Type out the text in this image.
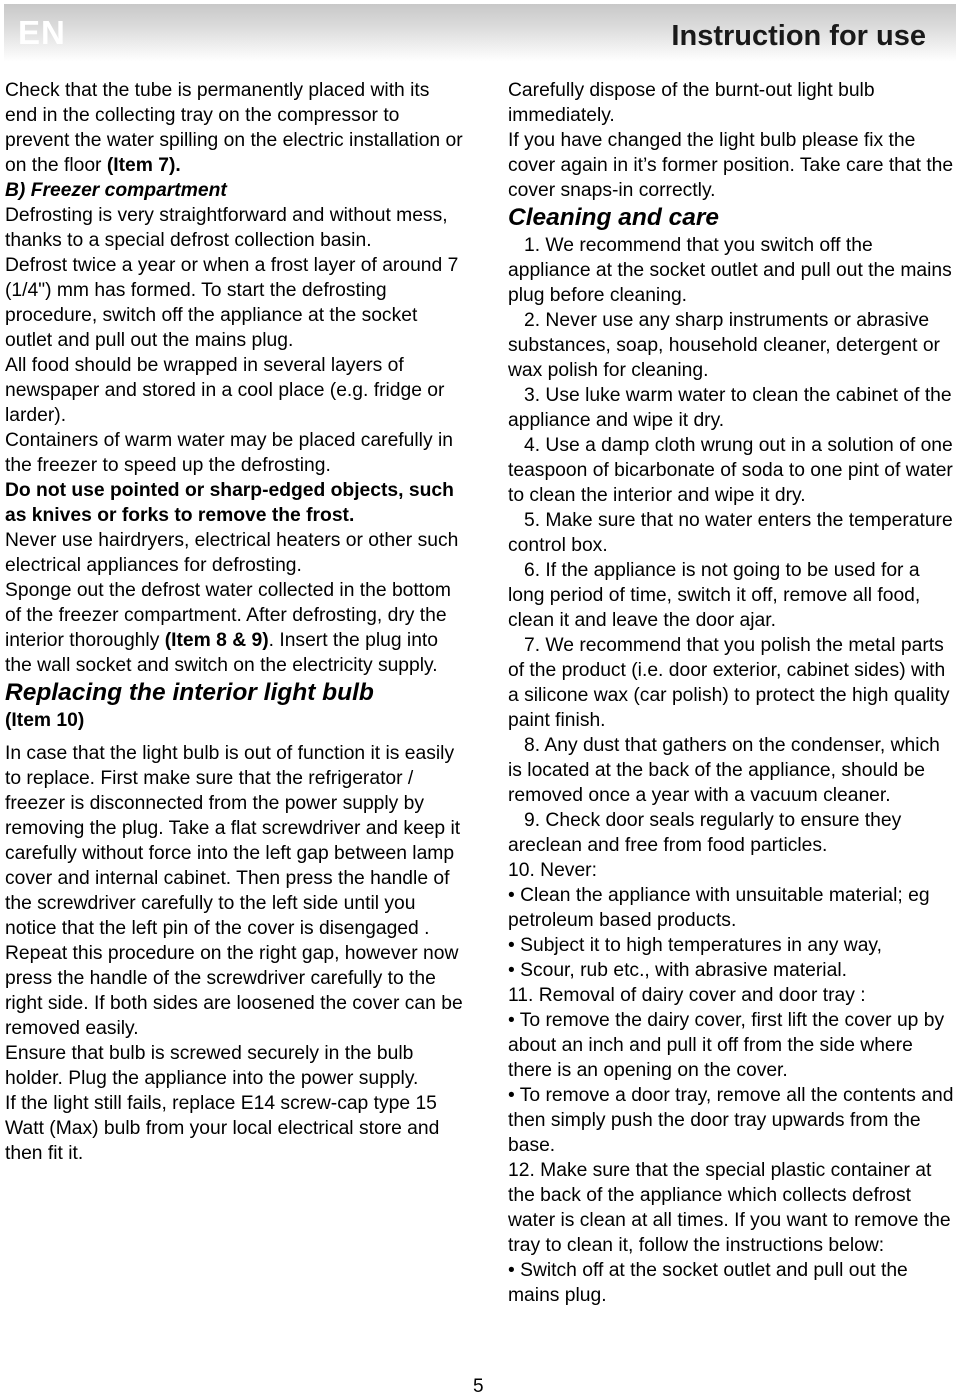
EN	Instruction for use

Check that the tube is permanently placed with its end in the collecting tray on the compressor to prevent the water spilling on the electric installation or on the floor (Item 7).

B) Freezer compartment

Defrosting is very straightforward and without mess, thanks to a special defrost collection basin.

Defrost twice a year or when a frost layer of around 7 (1/4") mm has formed. To start the defrosting procedure, switch off the appliance at the socket outlet and pull out the mains plug.

All food should be wrapped in several layers of newspaper and stored in a cool place (e.g. fridge or larder).

Containers of warm water may be placed carefully in the freezer to speed up the defrosting.

Do not use pointed or sharp-edged objects, such as knives or forks to remove the frost.

Never use hairdryers, electrical heaters or other such electrical appliances for defrosting.

Sponge out the defrost water collected in the bottom of the freezer compartment. After defrosting, dry the interior thoroughly (Item 8 & 9). Insert the plug into the wall socket and switch on the electricity supply.

Replacing the interior light bulb

(Item 10)

In case that the light bulb is out of function it is easily to replace. First make sure that the refrigerator / freezer is disconnected from the power supply by removing the plug. Take a flat screwdriver and keep it carefully without force into the left gap between lamp cover and internal cabinet. Then press the handle of the screwdriver carefully to the left side until you notice that the left pin of the cover is disengaged . Repeat this procedure on the right gap, however now press the handle of the screwdriver carefully to the right side. If both sides are loosened the cover can be removed easily.

Ensure that bulb is screwed securely in the bulb holder. Plug the appliance into the power supply.

If the light still fails, replace E14 screw-cap type 15 Watt (Max) bulb from your local electrical store and then fit it.

Carefully dispose of the burnt-out light bulb immediately.

If you have changed the light bulb please fix the cover again in it’s former position. Take care that the cover snaps-in correctly.

Cleaning and care

1. We recommend that you switch off the appliance at the socket outlet and pull out the mains plug before cleaning.

2. Never use any sharp instruments or abrasive substances, soap, household cleaner, detergent or wax polish for cleaning.

3. Use luke warm water to clean the cabinet of the appliance and wipe it dry.

4. Use a damp cloth wrung out in a solution of one teaspoon of bicarbonate of soda to one pint of water to clean the interior and wipe it dry.

5. Make sure that no water enters the temperature control box.

6. If the appliance is not going to be used for a long period of time, switch it off, remove all food, clean it and leave the door ajar.

7. We recommend that you polish the metal parts of the product (i.e. door exterior, cabinet sides) with a silicone wax (car polish) to protect the high quality paint finish.

8. Any dust that gathers on the condenser, which is located at the back of the appliance, should be removed once a year with a vacuum cleaner.

9. Check door seals regularly to ensure they areclean and free from food particles.

10. Never:

• Clean the appliance with unsuitable material; eg petroleum based products.

• Subject it to high temperatures in any way,

• Scour, rub etc., with abrasive material.

11. Removal of dairy cover and door tray :

• To remove the dairy cover, first lift the cover up by about an inch and pull it off from the side where there is an opening on the cover.

• To remove a door tray, remove all the contents and then simply push the door tray upwards from the base.

12. Make sure that the special plastic container at the back of the appliance which collects defrost water is clean at all times. If you want to remove the tray to clean it, follow the instructions below:

• Switch off at the socket outlet and pull out the mains plug.

5
